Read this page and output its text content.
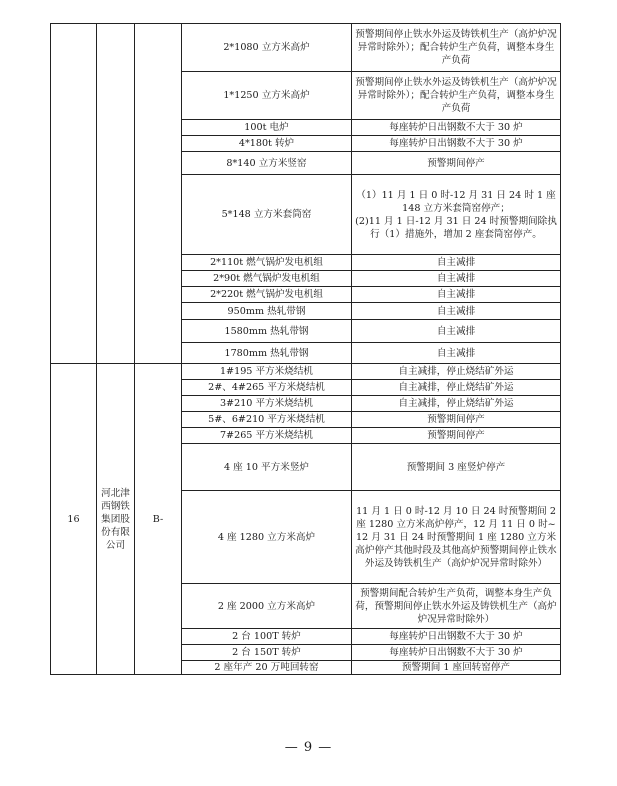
			2*1080 立方米高炉	预警期间停止铁水外运及铸铁机生产（高炉炉况异常时除外）；配合转炉生产负荷，调整本身生产负荷
			1*1250 立方米高炉	预警期间停止铁水外运及铸铁机生产（高炉炉况异常时除外）；配合转炉生产负荷，调整本身生产负荷
			100t 电炉	每座转炉日出钢数不大于 30 炉
			4*180t 转炉	每座转炉日出钢数不大于 30 炉
			8*140 立方米竖窑	预警期间停产
			5*148 立方米套筒窑	（1）11 月 1 日 0 时-12 月 31 日 24 时 1 座 148 立方米套筒窑停产；
(2)11 月 1 日-12 月 31 日 24 时预警期间除执行（1）措施外，增加 2 座套筒窑停产。
			2*110t 燃气锅炉发电机组	自主减排
			2*90t 燃气锅炉发电机组	自主减排
			2*220t 燃气锅炉发电机组	自主减排
			950mm 热轧带钢	自主减排
			1580mm 热轧带钢	自主减排
			1780mm 热轧带钢	自主减排
16	河北津西钢铁集团股份有限公司	B-	1#195 平方米烧结机	自主减排，停止烧结矿外运
			2#、4#265 平方米烧结机	自主减排，停止烧结矿外运
			3#210 平方米烧结机	自主减排，停止烧结矿外运
			5#、6#210 平方米烧结机	预警期间停产
			7#265 平方米烧结机	预警期间停产
			4 座 10 平方米竖炉	预警期间 3 座竖炉停产
			4 座 1280 立方米高炉	11 月 1 日 0 时-12 月 10 日 24 时预警期间 2 座 1280 立方米高炉停产，12 月 11 日 0 时~12 月 31 日 24 时预警期间 1 座 1280 立方米高炉停产其他时段及其他高炉预警期间停止铁水外运及铸铁机生产（高炉炉况异常时除外）
			2 座 2000 立方米高炉	预警期间配合转炉生产负荷，调整本身生产负荷，预警期间停止铁水外运及铸铁机生产（高炉炉况异常时除外）
			2 台 100T 转炉	每座转炉日出钢数不大于 30 炉
			2 台 150T 转炉	每座转炉日出钢数不大于 30 炉
			2 座年产 20 万吨回转窑	预警期间 1 座回转窑停产
— 9 —
